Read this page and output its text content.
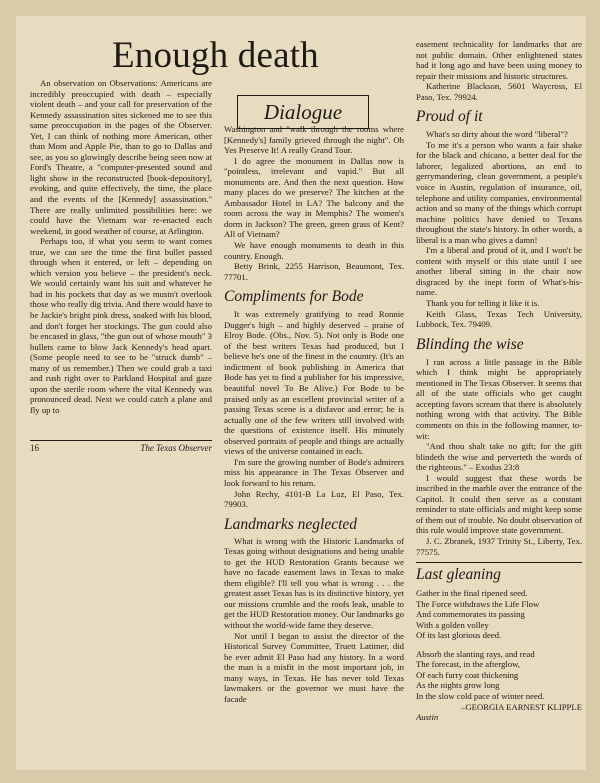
Enough death
Dialogue

An observation on Observations: Americans are incredibly preoccupied with death – especially violent death – and your call for preservation of the Kennedy assassination sites sickened me to see this same preoccupation in the pages of the Observer. Yet, I can think of nothing more American, other than Mom and Apple Pie, than to go to Dallas and see, as you so glowingly describe being seen now at Ford's Theatre, a "computer-presented sound and light show in the reconstructed [book-depository], evoking, and quite effectively, the time, the place and the events of the [Kennedy] assassination." There are really unlimited possibilities here: we could have the Vietnam war re-enacted each weekend, in good weather of course, at Arlington.

Perhaps too, if what you seem to want comes true, we can see the time the first bullet passed through when it entered, or left – depending on which version you believe – the president's neck. We would certainly want his suit and whatever he had in his pockets that day as we mustn't overlook those who really dig trivia. And there would have to be Jackie's bright pink dress, soaked with his blood, and don't forget her stockings. The gun could also be encased in glass, "the gun out of whose mouth" 3 bullets came to blow Jack Kennedy's head apart. (Some people need to see to be "struck dumb" – many of us remember.) Then we could grab a taxi and rush right over to Parkland Hospital and gaze upon the sterile room where the vital Kennedy was pronounced dead. Next we could catch a plane and fly up to

16	The Texas Observer

Washington and "walk through the rooms where [Kennedy's] family grieved through the night". Oh Yes Preserve It! A really Grand Tour.

I do agree the monument in Dallas now is "pointless, irrelevant and vapid." But all monuments are. And then the next question. How many places do we preserve? The kitchen at the Ambassador Hotel in LA? The balcony and the room across the way in Memphis? The women's dorm in Jackson? The green, green grass of Kent? All of Vietnam?

We have enough monuments to death in this country. Enough.

Betty Brink, 2255 Harrison, Beaumont, Tex. 77701.

Compliments for Bode

It was extremely gratifying to read Ronnie Dugger's high – and highly deserved – praise of Elroy Bode. (Obs., Nov. 5). Not only is Bode one of the best writers Texas had produced, but I believe he's one of the finest in the country. (It's an indictment of book publishing in America that Bode has yet to find a publisher for his impressive, beautiful novel To Be Alive.) For Bode to be praised only as an excellent provincial writer of a passing Texas scene is a disfavor and error; he is actually one of the few writers still involved with the questions of existence itself. His minutely observed portraits of people and things are actually views of the universe contained in each.

I'm sure the growing number of Bode's admirers miss his appearance in The Texas Observer and look forward to his return.

John Rechy, 4101-B La Luz, El Paso, Tex. 79903.

Landmarks neglected

What is wrong with the Historic Landmarks of Texas going without designations and being unable to get the HUD Restoration Grants because we have no facade easement laws in Texas to make them eligible? I'll tell you what is wrong . . . the greatest asset Texas has is its distinctive history, yet our missions crumble and the roofs leak, unable to get the HUD Restoration money. Our landmarks go without the world-wide fame they deserve.

Not until I began to assist the director of the Historical Survey Committee, Truett Latimer, did he ever admit El Paso had any history. In a word the man is a misfit in the most important job, in many ways, in Texas. He has never told Texas lawmakers or the governor we must have the facade

easement technicality for landmarks that are not public domain. Other enlightened states had it long ago and have been using money to repair their missions and historic structures.

Katherine Blackson, 5601 Waycross, El Paso, Tex. 79924.

Proud of it

What's so dirty about the word "liberal"?

To me it's a person who wants a fair shake for the black and chicano, a better deal for the laborer, legalized abortions, an end to gerrymandering, clean government, a people's voice in Austin, regulation of insurance, oil, telephone and utility companies, environmental action and so many of the things which corrupt machine politics have denied to Texans throughout the state's history. In other words, a liberal is a man who gives a damn!

I'm a liberal and proud of it, and I won't be content with myself or this state until I see another liberal sitting in the chair now disgraced by the inept form of What's-his-name.

Thank you for telling it like it is.

Keith Glass, Texas Tech University, Lubbock, Tex. 79409.

Blinding the wise

I ran across a little passage in the Bible which I think might be appropriately mentioned in The Texas Observer. It seems that all of the state officials who get caught accepting favors scream that there is absolutely nothing wrong with that activity. The Bible comments on this in the following manner, to-wit:

"And thou shalt take no gift; for the gift blindeth the wise and perverteth the words of the righteous." – Exodus 23:8

I would suggest that these words be inscribed in the marble over the entrance of the Capitol. It could then serve as a constant reminder to state officials and might keep some of them out of trouble. No doubt observation of this rule would improve state government.

J. C. Zbranek, 1937 Trinity St., Liberty, Tex. 77575.

Last gleaning

Gather in the final ripened seed.

The Force withdraws the Life Flow

And commemorates its passing

With a golden volley

Of its last glorious deed.

Absorb the slanting rays, and read

The forecast, in the afterglow,

Of each furry coat thickening

As the nights grow long

In the slow cold pace of winter need.

–GEORGIA EARNEST KLIPPLE

Austin
